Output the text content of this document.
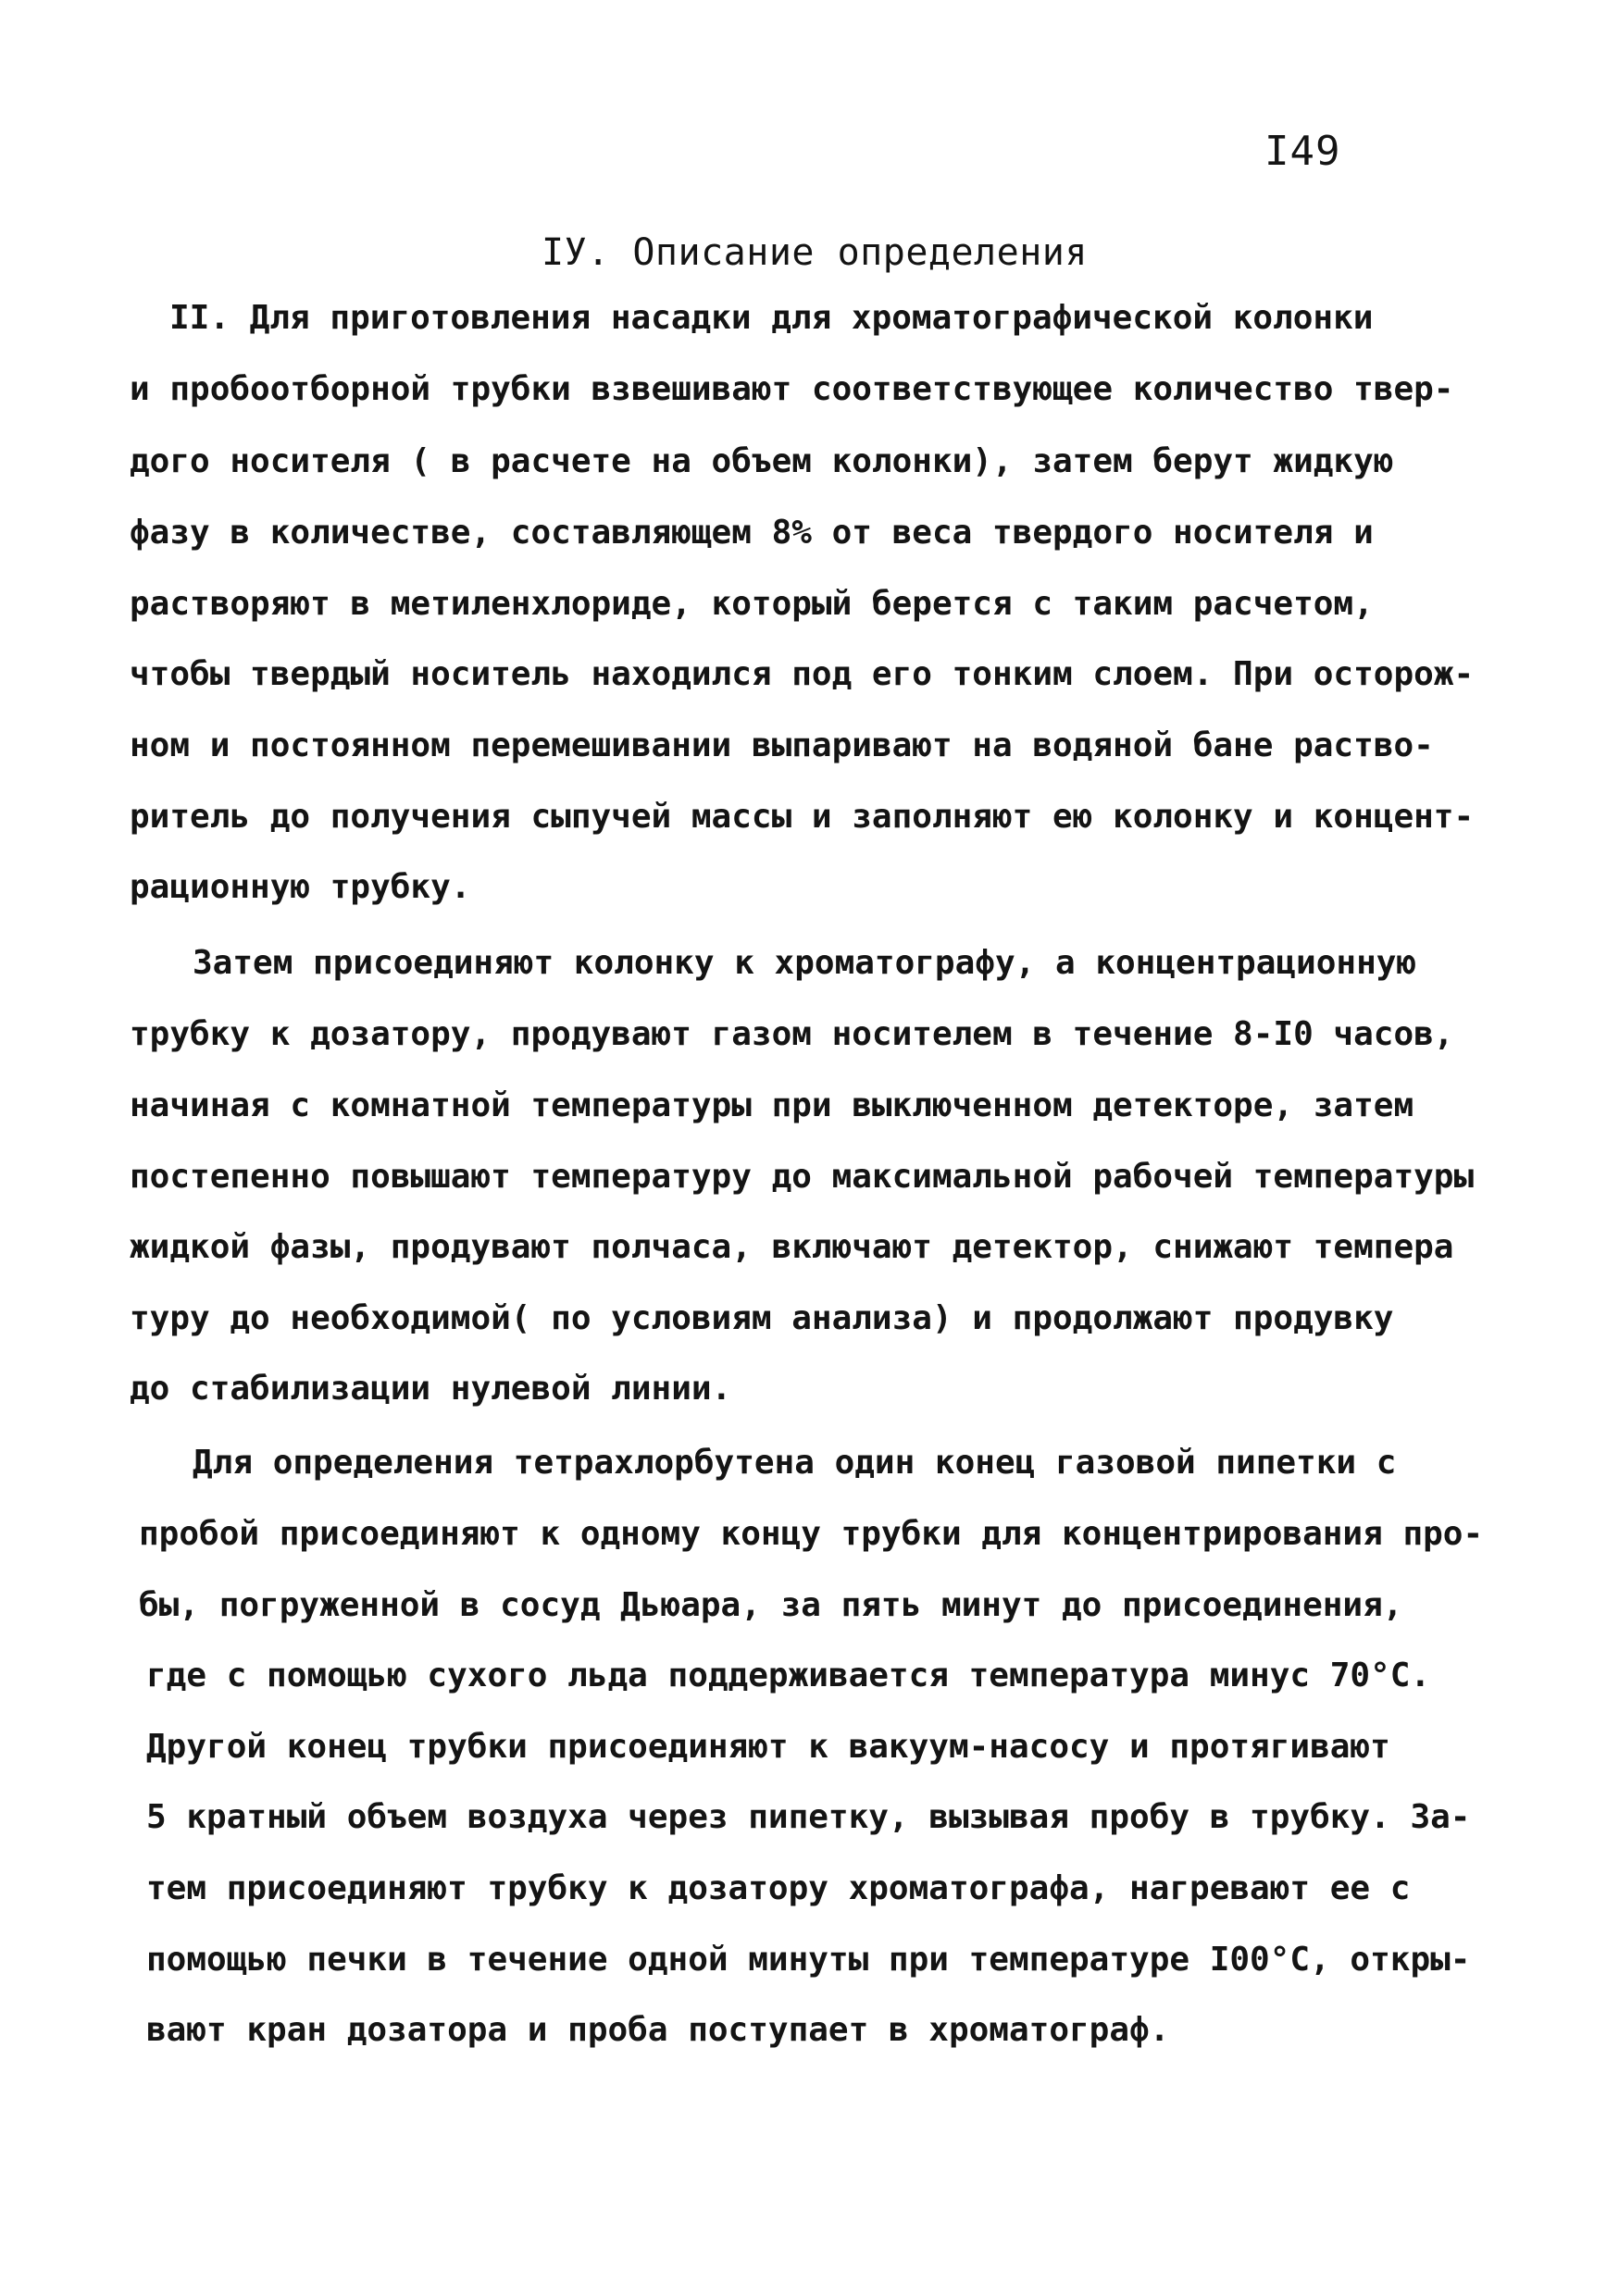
I49
IУ. Описание определения
II. Для приготовления насадки для хроматографической колонки
и пробоотборной трубки взвешивают соответствующее количество твер-
дого носителя ( в расчете на объем колонки), затем берут жидкую
фазу в количестве, составляющем 8% от веса твердого носителя и
растворяют в метиленхлориде, который берется с таким расчетом,
чтобы твердый носитель находился под его тонким слоем. При осторож-
ном и постоянном перемешивании выпаривают на водяной бане раство-
ритель до получения сыпучей массы и заполняют ею колонку и концент-
рационную трубку.
Затем присоединяют колонку к хроматографу, а концентрационную
трубку к дозатору, продувают газом носителем в течение 8-I0 часов,
начиная с комнатной температуры при выключенном детекторе, затем
постепенно повышают температуру до максимальной рабочей температуры
жидкой фазы, продувают полчаса, включают детектор, снижают темпера
туру до необходимой( по условиям анализа) и продолжают продувку
до стабилизации нулевой линии.
Для определения тетрахлорбутена один конец газовой пипетки с
пробой присоединяют к одному концу трубки для концентрирования про-
бы, погруженной в сосуд Дьюара, за пять минут до присоединения,
где с помощью сухого льда поддерживается температура минус 70°С.
Другой конец трубки присоединяют к вакуум-насосу и протягивают
5 кратный объем воздуха через пипетку, вызывая пробу в трубку. За-
тем присоединяют трубку к дозатору хроматографа, нагревают ее с
помощью печки в течение одной минуты при температуре I00°С, откры-
вают кран дозатора и проба поступает в хроматограф.
